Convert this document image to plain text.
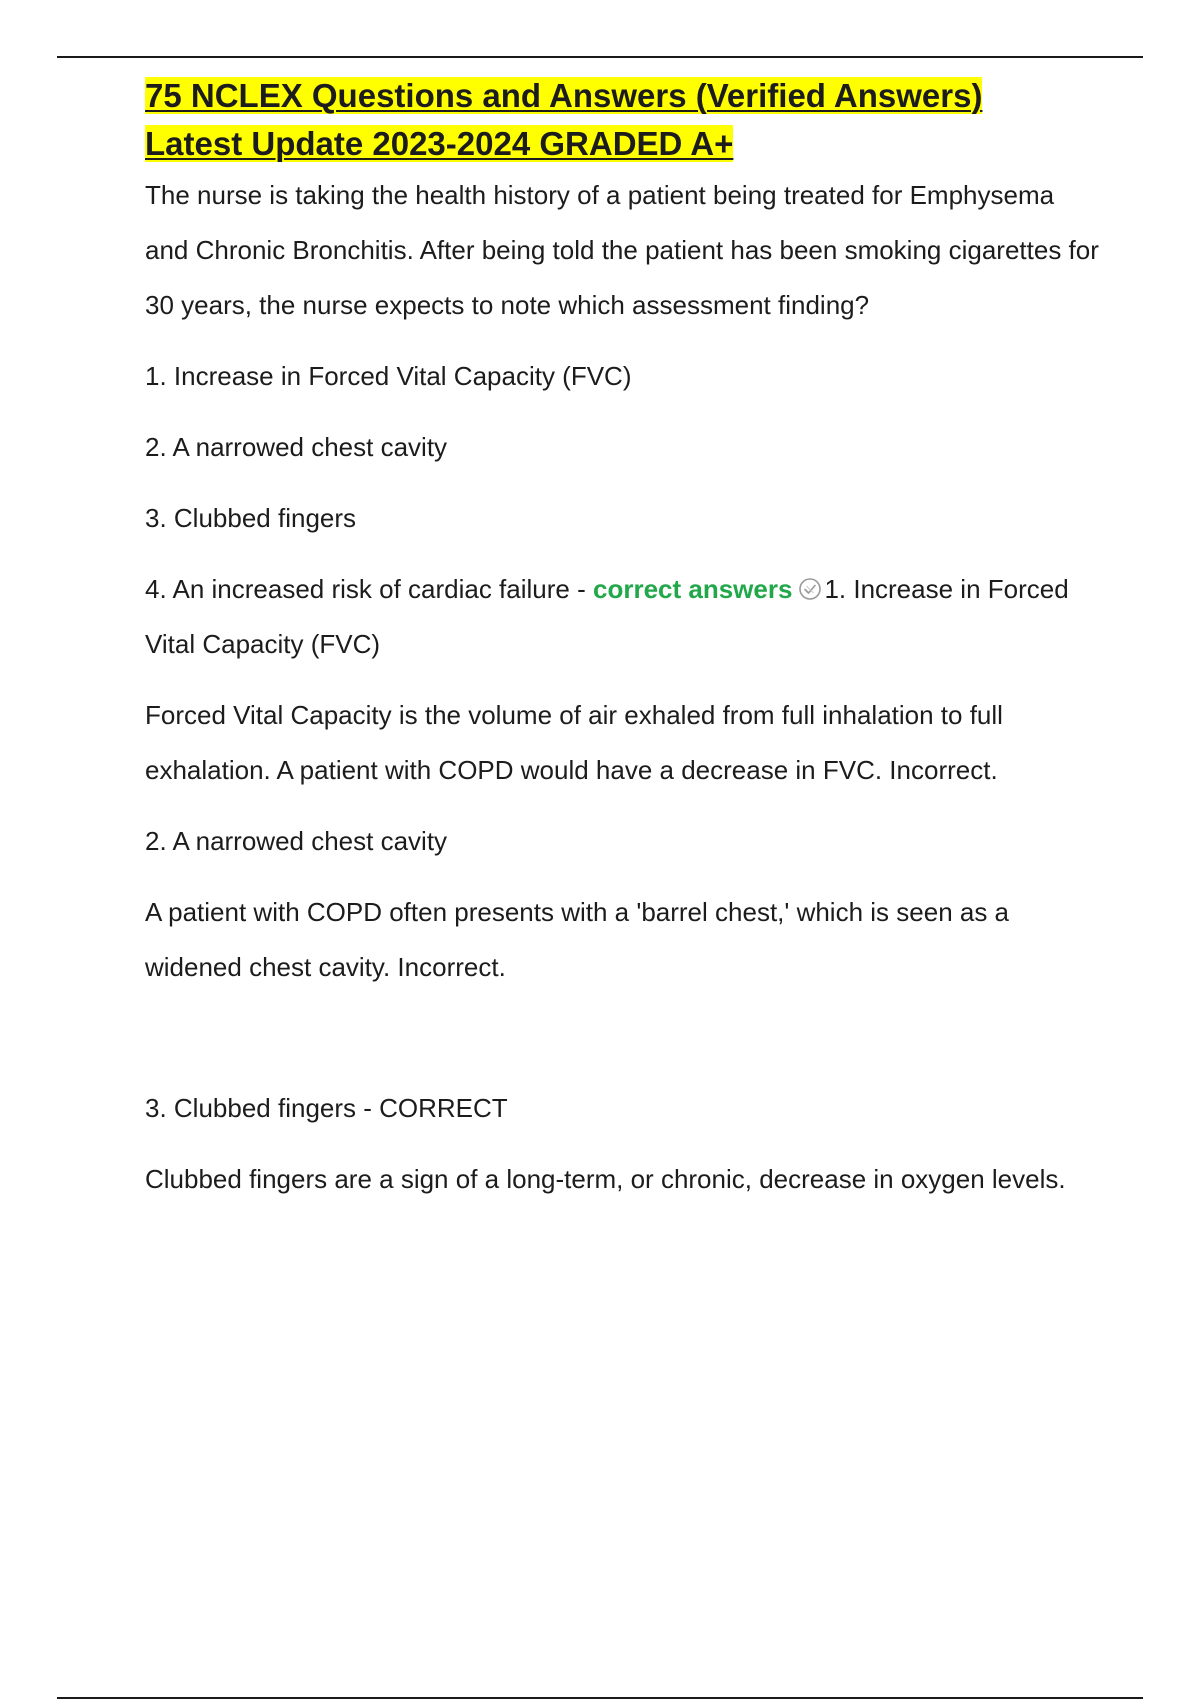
75 NCLEX Questions and Answers (Verified Answers)
Latest Update 2023-2024 GRADED A+

The nurse is taking the health history of a patient being treated for Emphysema and Chronic Bronchitis. After being told the patient has been smoking cigarettes for 30 years, the nurse expects to note which assessment finding?

1. Increase in Forced Vital Capacity (FVC)

2. A narrowed chest cavity

3. Clubbed fingers

4. An increased risk of cardiac failure - correct answers 1. Increase in Forced Vital Capacity (FVC)

Forced Vital Capacity is the volume of air exhaled from full inhalation to full exhalation. A patient with COPD would have a decrease in FVC. Incorrect.

2. A narrowed chest cavity

A patient with COPD often presents with a 'barrel chest,' which is seen as a widened chest cavity. Incorrect.

3. Clubbed fingers - CORRECT

Clubbed fingers are a sign of a long-term, or chronic, decrease in oxygen levels.
